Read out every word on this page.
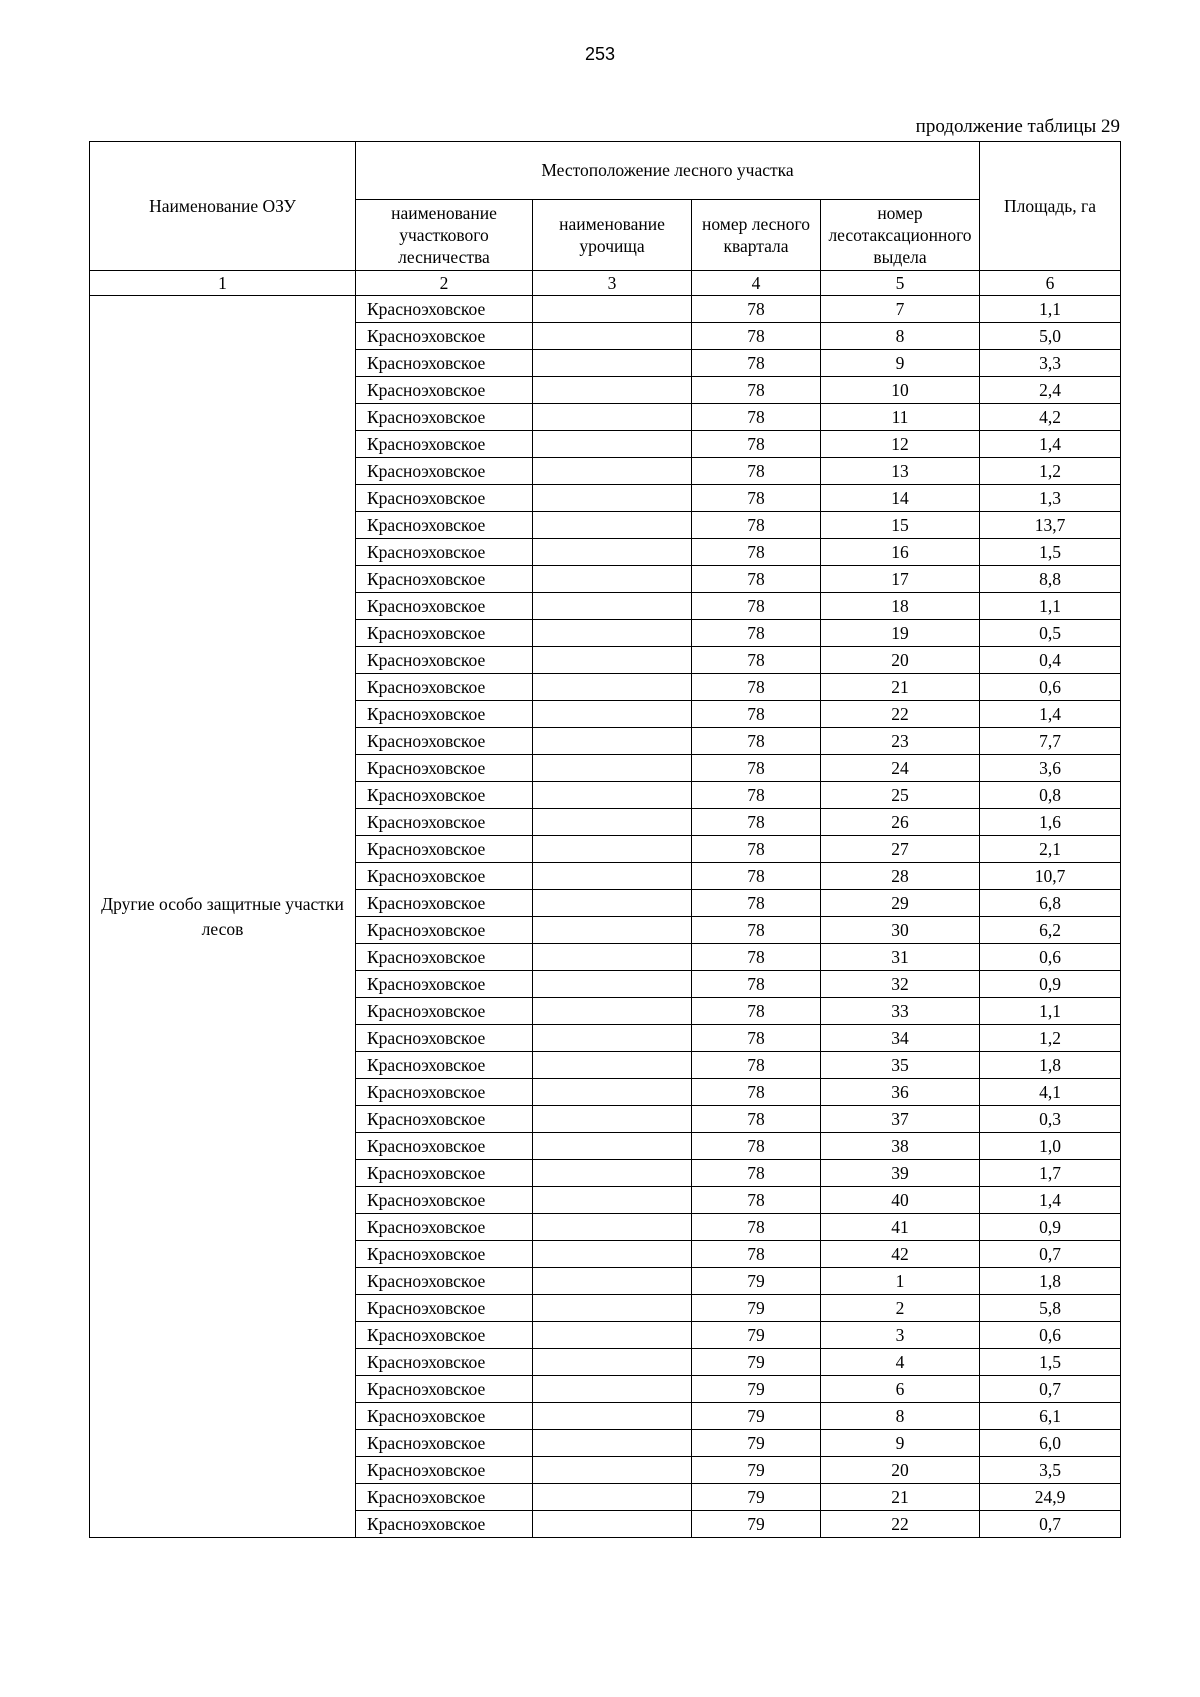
253
продолжение таблицы 29
Наименование ОЗУ	Местоположение лесного участка				Площадь, га
	наименование участкового лесничества	наименование урочища	номер лесного квартала	номер лесотаксационного выдела	
1	2	3	4	5	6
Другие особо защитные участки лесов	Красноэховское		78	7	1,1
	Красноэховское		78	8	5,0
	Красноэховское		78	9	3,3
	Красноэховское		78	10	2,4
	Красноэховское		78	11	4,2
	Красноэховское		78	12	1,4
	Красноэховское		78	13	1,2
	Красноэховское		78	14	1,3
	Красноэховское		78	15	13,7
	Красноэховское		78	16	1,5
	Красноэховское		78	17	8,8
	Красноэховское		78	18	1,1
	Красноэховское		78	19	0,5
	Красноэховское		78	20	0,4
	Красноэховское		78	21	0,6
	Красноэховское		78	22	1,4
	Красноэховское		78	23	7,7
	Красноэховское		78	24	3,6
	Красноэховское		78	25	0,8
	Красноэховское		78	26	1,6
	Красноэховское		78	27	2,1
	Красноэховское		78	28	10,7
	Красноэховское		78	29	6,8
	Красноэховское		78	30	6,2
	Красноэховское		78	31	0,6
	Красноэховское		78	32	0,9
	Красноэховское		78	33	1,1
	Красноэховское		78	34	1,2
	Красноэховское		78	35	1,8
	Красноэховское		78	36	4,1
	Красноэховское		78	37	0,3
	Красноэховское		78	38	1,0
	Красноэховское		78	39	1,7
	Красноэховское		78	40	1,4
	Красноэховское		78	41	0,9
	Красноэховское		78	42	0,7
	Красноэховское		79	1	1,8
	Красноэховское		79	2	5,8
	Красноэховское		79	3	0,6
	Красноэховское		79	4	1,5
	Красноэховское		79	6	0,7
	Красноэховское		79	8	6,1
	Красноэховское		79	9	6,0
	Красноэховское		79	20	3,5
	Красноэховское		79	21	24,9
	Красноэховское		79	22	0,7
